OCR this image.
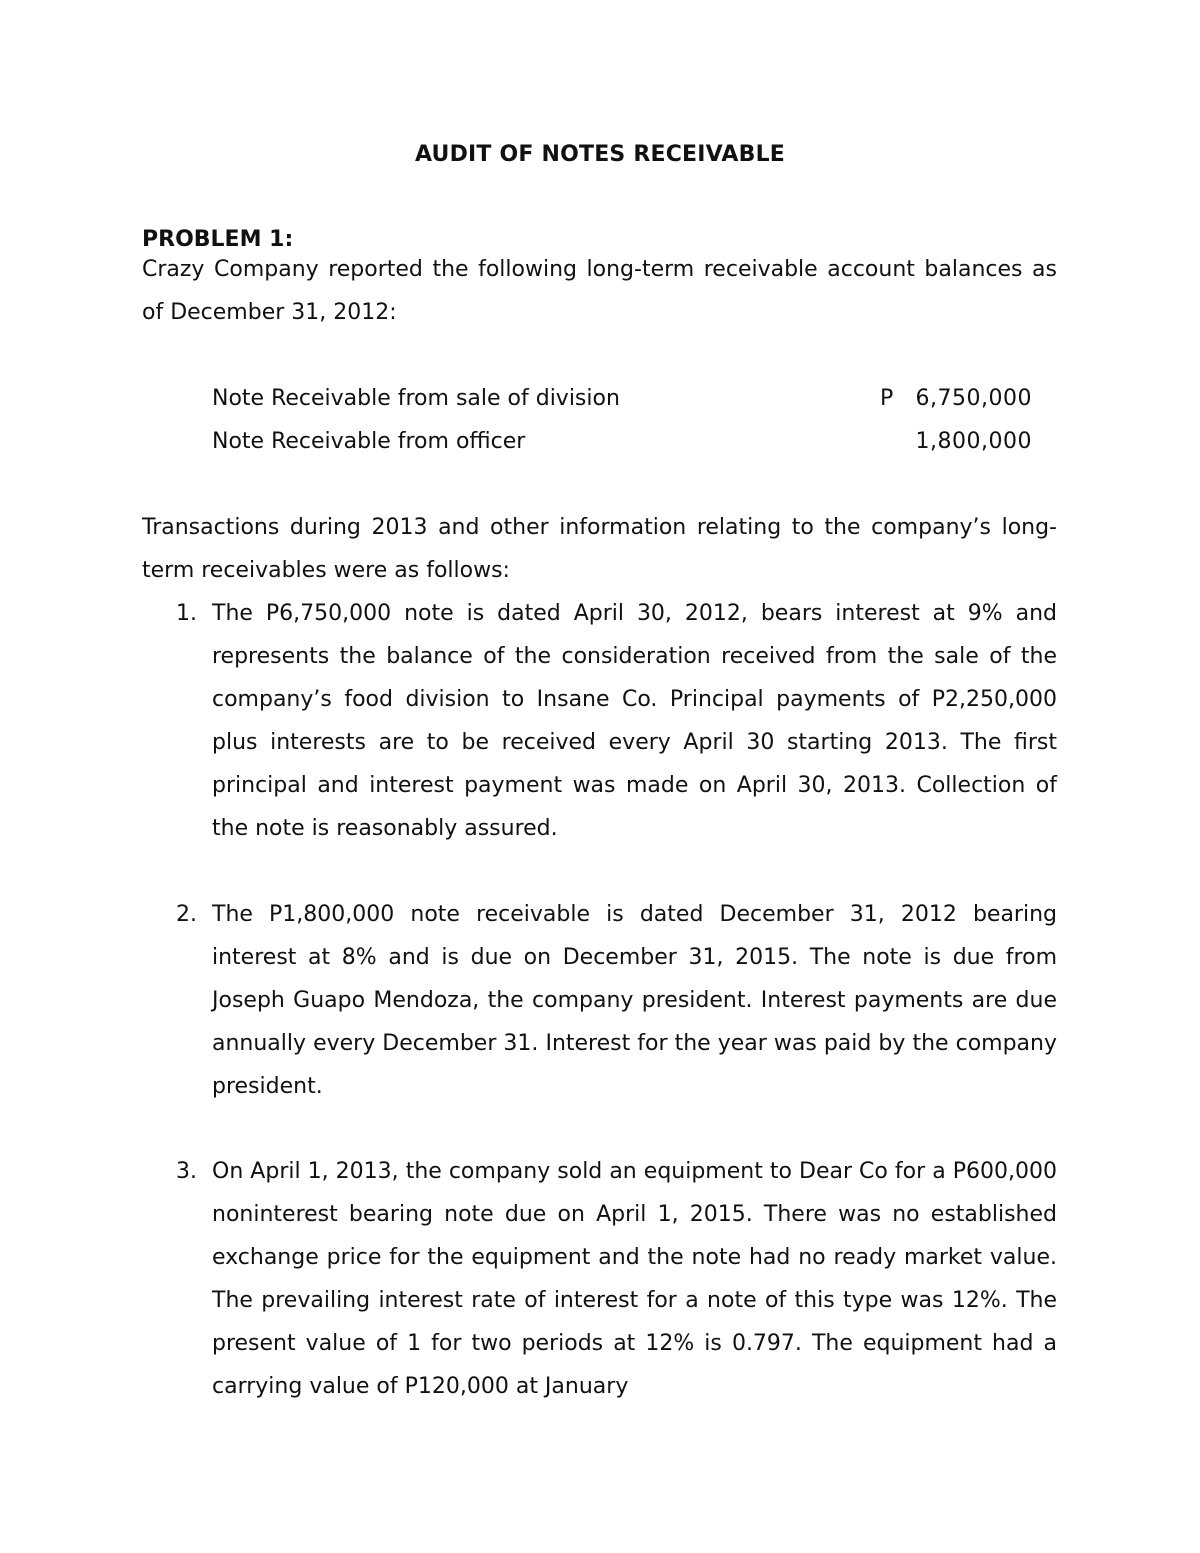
AUDIT OF NOTES RECEIVABLE
PROBLEM 1:
Crazy Company reported the following long-term receivable account balances as of December 31, 2012:
Note Receivable from sale of division	P 6,750,000
Note Receivable from officer	1,800,000
Transactions during 2013 and other information relating to the company’s long-term receivables were as follows:
1. The P6,750,000 note is dated April 30, 2012, bears interest at 9% and represents the balance of the consideration received from the sale of the company’s food division to Insane Co. Principal payments of P2,250,000 plus interests are to be received every April 30 starting 2013. The first principal and interest payment was made on April 30, 2013. Collection of the note is reasonably assured.
2. The P1,800,000 note receivable is dated December 31, 2012 bearing interest at 8% and is due on December 31, 2015. The note is due from Joseph Guapo Mendoza, the company president. Interest payments are due annually every December 31. Interest for the year was paid by the company president.
3. On April 1, 2013, the company sold an equipment to Dear Co for a P600,000 noninterest bearing note due on April 1, 2015. There was no established exchange price for the equipment and the note had no ready market value. The prevailing interest rate of interest for a note of this type was 12%. The present value of 1 for two periods at 12% is 0.797. The equipment had a carrying value of P120,000 at January
